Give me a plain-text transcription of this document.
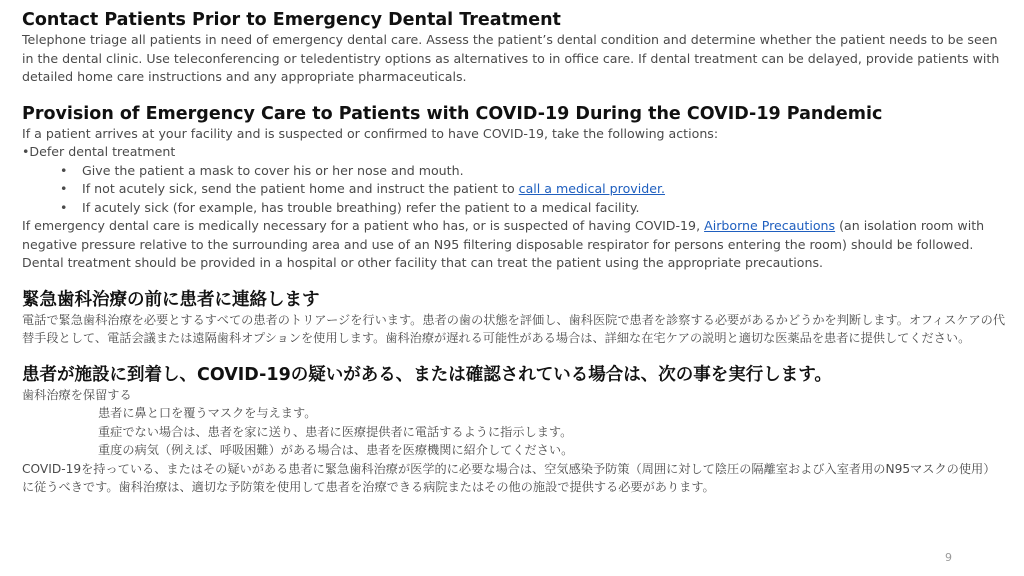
Contact Patients Prior to Emergency Dental Treatment

Telephone triage all patients in need of emergency dental care. Assess the patient’s dental condition and determine whether the patient needs to be seen in the dental clinic. Use teleconferencing or teledentistry options as alternatives to in office care. If dental treatment can be delayed, provide patients with detailed home care instructions and any appropriate pharmaceuticals.

Provision of Emergency Care to Patients with COVID-19 During the COVID-19 Pandemic

If a patient arrives at your facility and is suspected or confirmed to have COVID-19, take the following actions:

•Defer dental treatment

• Give the patient a mask to cover his or her nose and mouth.
• If not acutely sick, send the patient home and instruct the patient to call a medical provider.
• If acutely sick (for example, has trouble breathing) refer the patient to a medical facility.

If emergency dental care is medically necessary for a patient who has, or is suspected of having COVID-19, Airborne Precautions (an isolation room with negative pressure relative to the surrounding area and use of an N95 filtering disposable respirator for persons entering the room) should be followed. Dental treatment should be provided in a hospital or other facility that can treat the patient using the appropriate precautions.

緊急歯科治療の前に患者に連絡します

電話で緊急歯科治療を必要とするすべての患者のトリアージを行います。患者の歯の状態を評価し、歯科医院で患者を診察する必要があるかどうかを判断します。オフィスケアの代替手段として、電話会議または遠隔歯科オプションを使用します。歯科治療が遅れる可能性がある場合は、詳細な在宅ケアの説明と適切な医薬品を患者に提供してください。

患者が施設に到着し、COVID-19の疑いがある、または確認されている場合は、次の事を実行します。

歯科治療を保留する

患者に鼻と口を覆うマスクを与えます。

重症でない場合は、患者を家に送り、患者に医療提供者に電話するように指示します。

重度の病気（例えば、呼吸困難）がある場合は、患者を医療機関に紹介してください。

COVID-19を持っている、またはその疑いがある患者に緊急歯科治療が医学的に必要な場合は、空気感染予防策（周囲に対して陰圧の隔離室および入室者用のN95マスクの使用）に従うべきです。歯科治療は、適切な予防策を使用して患者を治療できる病院またはその他の施設で提供する必要があります。

9
